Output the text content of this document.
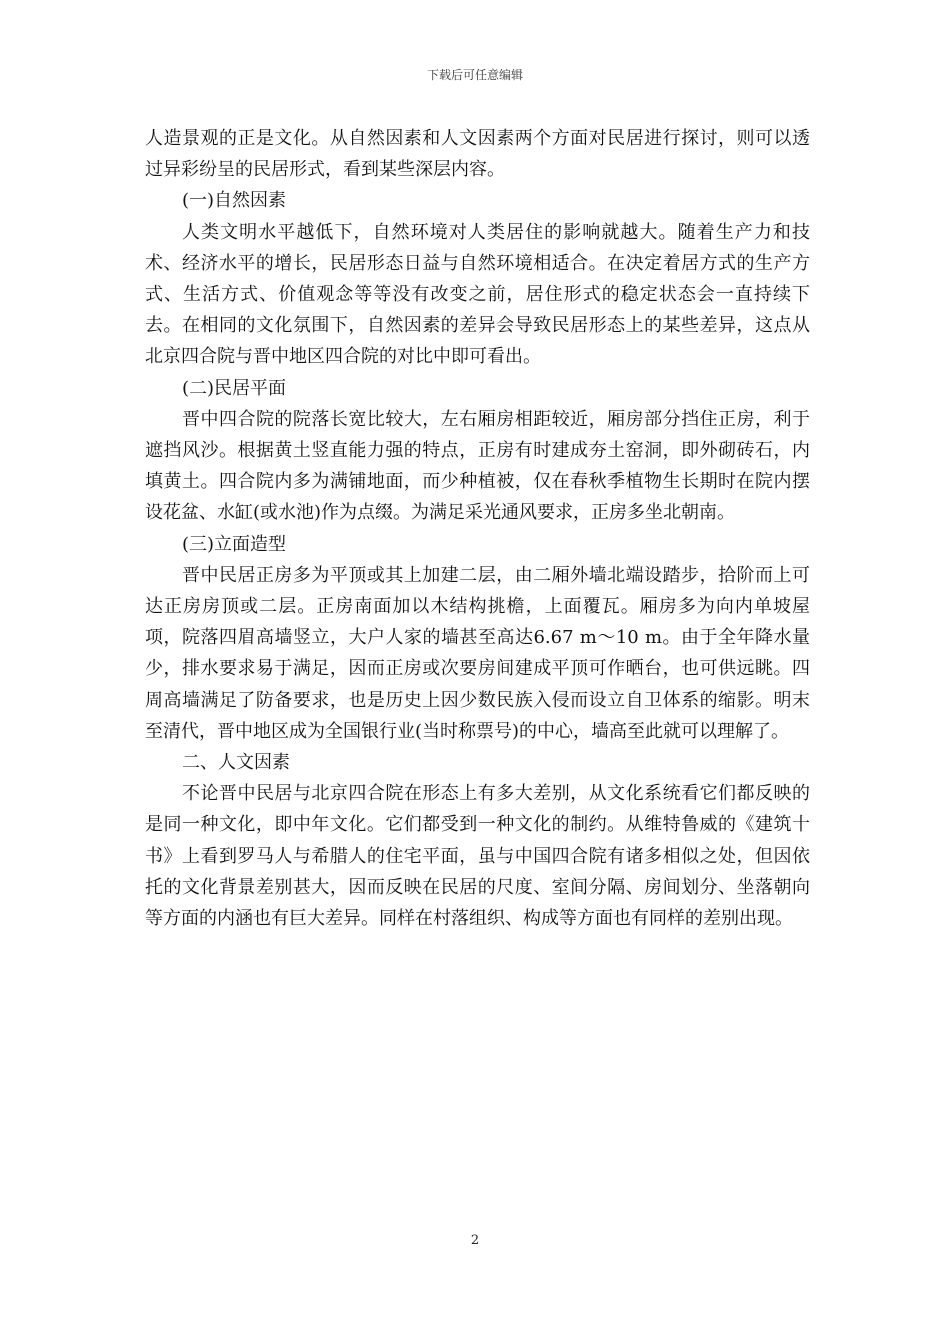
下载后可任意编辑

人造景观的正是文化。从自然因素和人文因素两个方面对民居进行探讨，则可以透过异彩纷呈的民居形式，看到某些深层内容。

(一)自然因素

人类文明水平越低下，自然环境对人类居住的影响就越大。随着生产力和技术、经济水平的增长，民居形态日益与自然环境相适合。在决定着居方式的生产方式、生活方式、价值观念等等没有改变之前，居住形式的稳定状态会一直持续下去。在相同的文化氛围下，自然因素的差异会导致民居形态上的某些差异，这点从北京四合院与晋中地区四合院的对比中即可看出。

(二)民居平面

晋中四合院的院落长宽比较大，左右厢房相距较近，厢房部分挡住正房，利于遮挡风沙。根据黄土竖直能力强的特点，正房有时建成夯土窑洞，即外砌砖石，内填黄土。四合院内多为满铺地面，而少种植被，仅在春秋季植物生长期时在院内摆设花盆、水缸(或水池)作为点缀。为满足采光通风要求，正房多坐北朝南。

(三)立面造型

晋中民居正房多为平顶或其上加建二层，由二厢外墙北端设踏步，拾阶而上可达正房房顶或二层。正房南面加以木结构挑檐，上面覆瓦。厢房多为向内单坡屋项，院落四眉高墙竖立，大户人家的墙甚至高达6.67 m～10 m。由于全年降水量少，排水要求易于满足，因而正房或次要房间建成平顶可作晒台，也可供远眺。四周高墙满足了防备要求，也是历史上因少数民族入侵而设立自卫体系的缩影。明末至清代，晋中地区成为全国银行业(当时称票号)的中心，墙高至此就可以理解了。

二、人文因素

不论晋中民居与北京四合院在形态上有多大差别，从文化系统看它们都反映的是同一种文化，即中年文化。它们都受到一种文化的制约。从维特鲁威的《建筑十书》上看到罗马人与希腊人的住宅平面，虽与中国四合院有诸多相似之处，但因依托的文化背景差别甚大，因而反映在民居的尺度、室间分隔、房间划分、坐落朝向等方面的内涵也有巨大差异。同样在村落组织、构成等方面也有同样的差别出现。

2
